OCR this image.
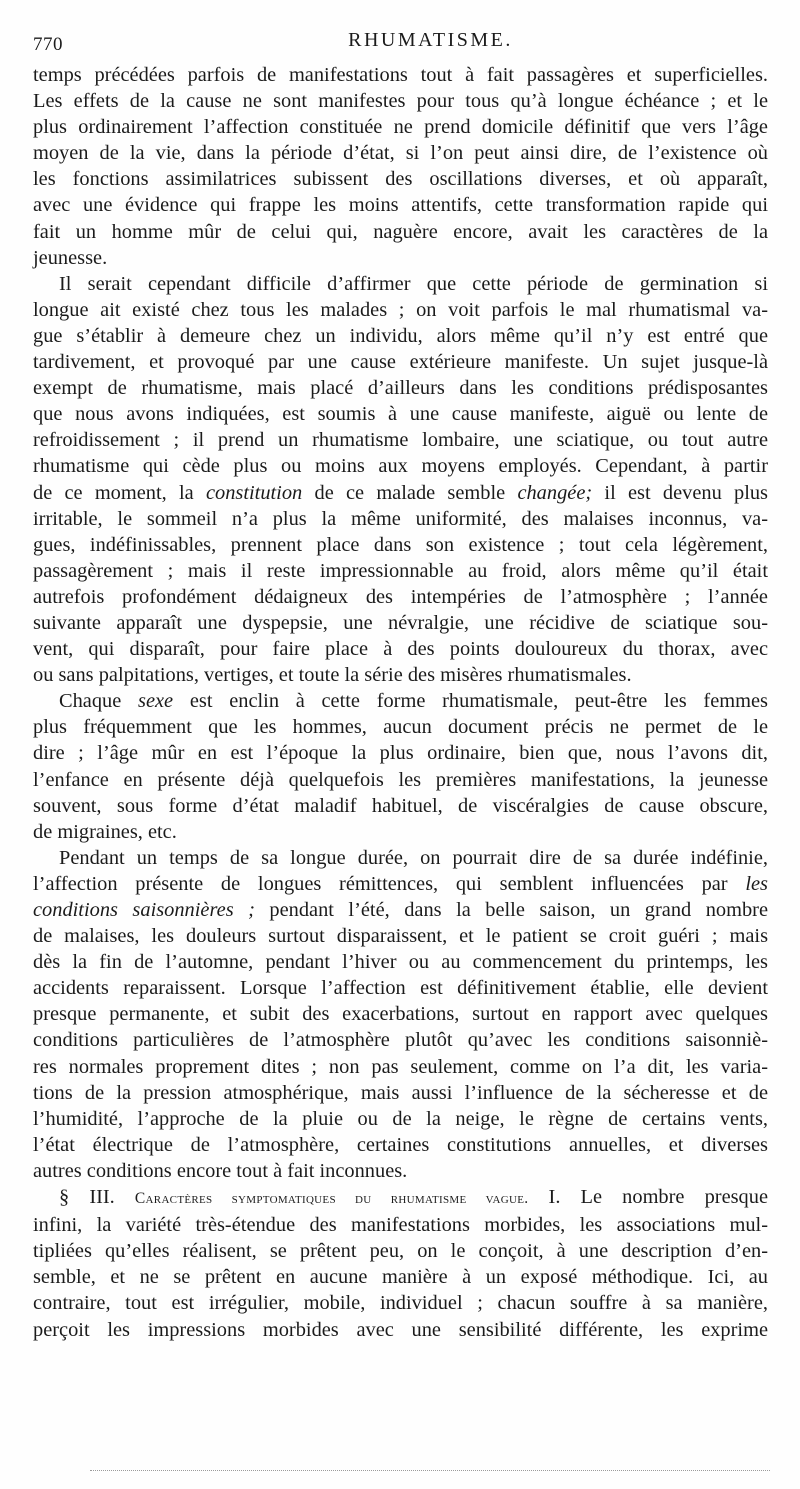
770	RHUMATISME.
temps précédées parfois de manifestations tout à fait passagères et superficielles.
Les effets de la cause ne sont manifestes pour tous qu’à longue échéance ; et le
plus ordinairement l’affection constituée ne prend domicile définitif que vers l’âge
moyen de la vie, dans la période d’état, si l’on peut ainsi dire, de l’existence où
les fonctions assimilatrices subissent des oscillations diverses, et où apparaît,
avec une évidence qui frappe les moins attentifs, cette transformation rapide qui
fait un homme mûr de celui qui, naguère encore, avait les caractères de la
jeunesse.
Il serait cependant difficile d’affirmer que cette période de germination si
longue ait existé chez tous les malades ; on voit parfois le mal rhumatismal va-
gue s’établir à demeure chez un individu, alors même qu’il n’y est entré que
tardivement, et provoqué par une cause extérieure manifeste. Un sujet jusque-là
exempt de rhumatisme, mais placé d’ailleurs dans les conditions prédisposantes
que nous avons indiquées, est soumis à une cause manifeste, aiguë ou lente de
refroidissement ; il prend un rhumatisme lombaire, une sciatique, ou tout autre
rhumatisme qui cède plus ou moins aux moyens employés. Cependant, à partir
de ce moment, la constitution de ce malade semble changée; il est devenu plus
irritable, le sommeil n’a plus la même uniformité, des malaises inconnus, va-
gues, indéfinissables, prennent place dans son existence ; tout cela légèrement,
passagèrement ; mais il reste impressionnable au froid, alors même qu’il était
autrefois profondément dédaigneux des intempéries de l’atmosphère ; l’année
suivante apparaît une dyspepsie, une névralgie, une récidive de sciatique sou-
vent, qui disparaît, pour faire place à des points douloureux du thorax, avec
ou sans palpitations, vertiges, et toute la série des misères rhumatismales.
Chaque sexe est enclin à cette forme rhumatismale, peut-être les femmes
plus fréquemment que les hommes, aucun document précis ne permet de le
dire ; l’âge mûr en est l’époque la plus ordinaire, bien que, nous l’avons dit,
l’enfance en présente déjà quelquefois les premières manifestations, la jeunesse
souvent, sous forme d’état maladif habituel, de viscéralgies de cause obscure,
de migraines, etc.
Pendant un temps de sa longue durée, on pourrait dire de sa durée indéfinie,
l’affection présente de longues rémittences, qui semblent influencées par les
conditions saisonnières ; pendant l’été, dans la belle saison, un grand nombre
de malaises, les douleurs surtout disparaissent, et le patient se croit guéri ; mais
dès la fin de l’automne, pendant l’hiver ou au commencement du printemps, les
accidents reparaissent. Lorsque l’affection est définitivement établie, elle devient
presque permanente, et subit des exacerbations, surtout en rapport avec quelques
conditions particulières de l’atmosphère plutôt qu’avec les conditions saisonniè-
res normales proprement dites ; non pas seulement, comme on l’a dit, les varia-
tions de la pression atmosphérique, mais aussi l’influence de la sécheresse et de
l’humidité, l’approche de la pluie ou de la neige, le règne de certains vents,
l’état électrique de l’atmosphère, certaines constitutions annuelles, et diverses
autres conditions encore tout à fait inconnues.
§ III. Caractères symptomatiques du rhumatisme vague. I. Le nombre presque
infini, la variété très-étendue des manifestations morbides, les associations mul-
tipliées qu’elles réalisent, se prêtent peu, on le conçoit, à une description d’en-
semble, et ne se prêtent en aucune manière à un exposé méthodique. Ici, au
contraire, tout est irrégulier, mobile, individuel ; chacun souffre à sa manière,
perçoit les impressions morbides avec une sensibilité différente, les exprime
